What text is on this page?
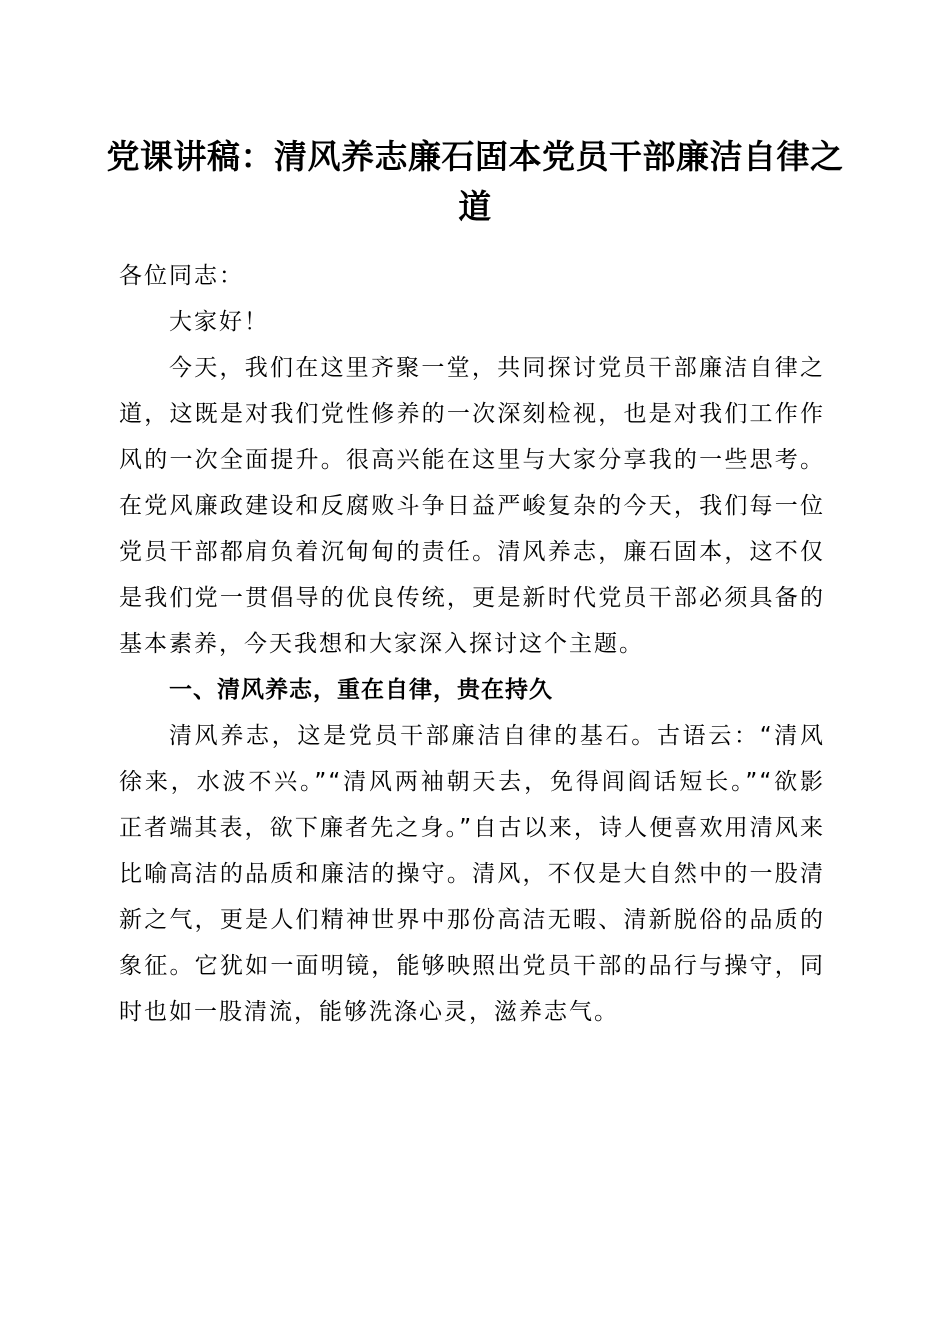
党课讲稿：清风养志廉石固本党员干部廉洁自律之道

各位同志：

大家好！

今天，我们在这里齐聚一堂，共同探讨党员干部廉洁自律之道，这既是对我们党性修养的一次深刻检视，也是对我们工作作风的一次全面提升。很高兴能在这里与大家分享我的一些思考。在党风廉政建设和反腐败斗争日益严峻复杂的今天，我们每一位党员干部都肩负着沉甸甸的责任。清风养志，廉石固本，这不仅是我们党一贯倡导的优良传统，更是新时代党员干部必须具备的基本素养，今天我想和大家深入探讨这个主题。

一、清风养志，重在自律，贵在持久

清风养志，这是党员干部廉洁自律的基石。古语云：“清风徐来，水波不兴。”“清风两袖朝天去，免得闾阎话短长。”“欲影正者端其表，欲下廉者先之身。”自古以来，诗人便喜欢用清风来比喻高洁的品质和廉洁的操守。清风，不仅是大自然中的一股清新之气，更是人们精神世界中那份高洁无暇、清新脱俗的品质的象征。它犹如一面明镜，能够映照出党员干部的品行与操守，同时也如一股清流，能够洗涤心灵，滋养志气。
